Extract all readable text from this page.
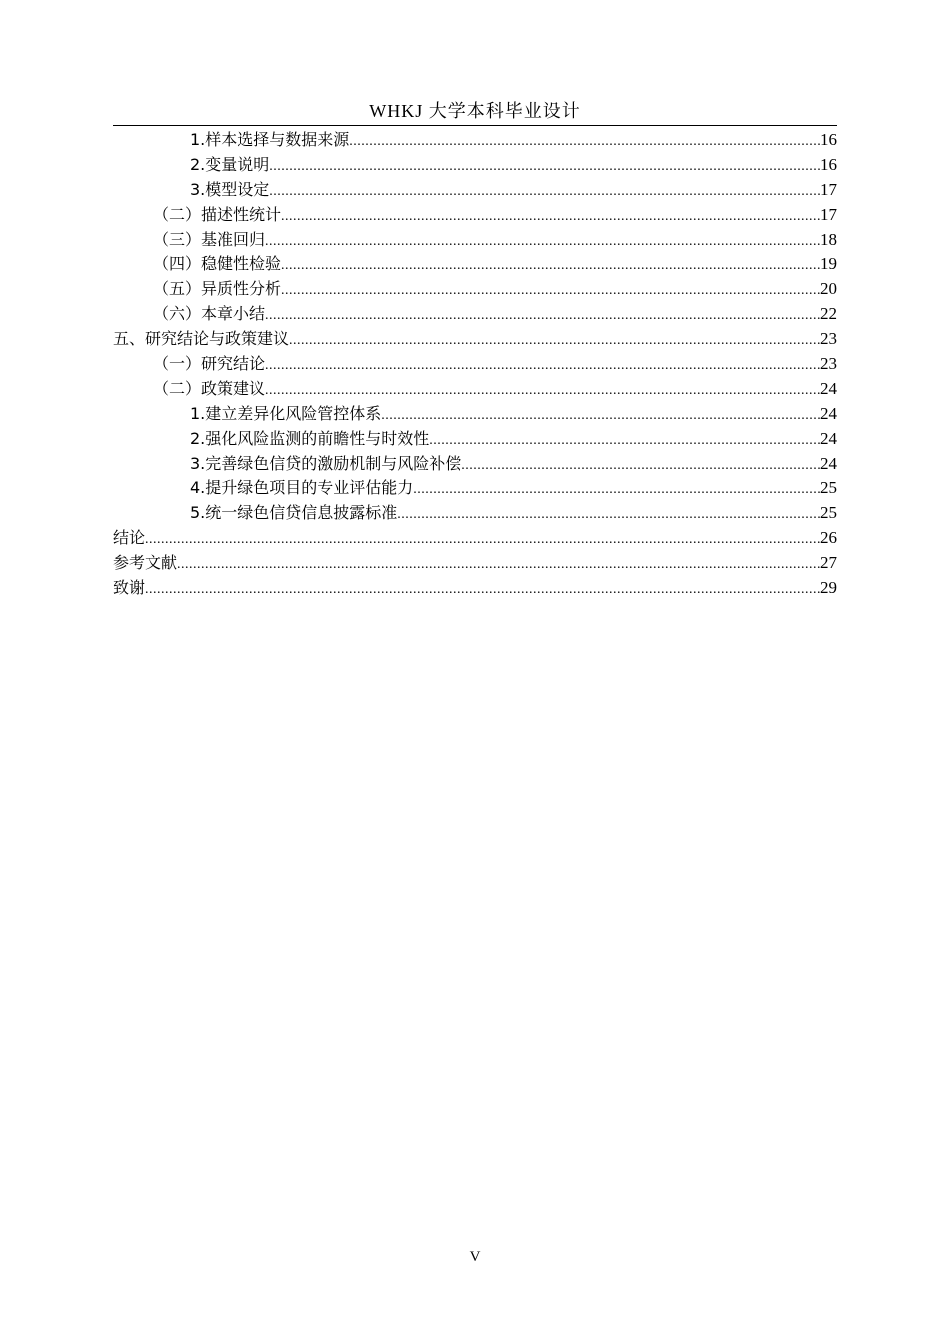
WHKJ 大学本科毕业设计
1.样本选择与数据来源 .....	16
2.变量说明 .....	16
3.模型设定 .....	17
（二）描述性统计 .....	17
（三）基准回归 .....	18
（四）稳健性检验 .....	19
（五）异质性分析 .....	20
（六）本章小结 .....	22
五、研究结论与政策建议 .....	23
（一）研究结论 .....	23
（二）政策建议 .....	24
1.建立差异化风险管控体系 .....	24
2.强化风险监测的前瞻性与时效性 .....	24
3.完善绿色信贷的激励机制与风险补偿 .....	24
4.提升绿色项目的专业评估能力 .....	25
5.统一绿色信贷信息披露标准 .....	25
结论 .....	26
参考文献 .....	27
致谢 .....	29
V
